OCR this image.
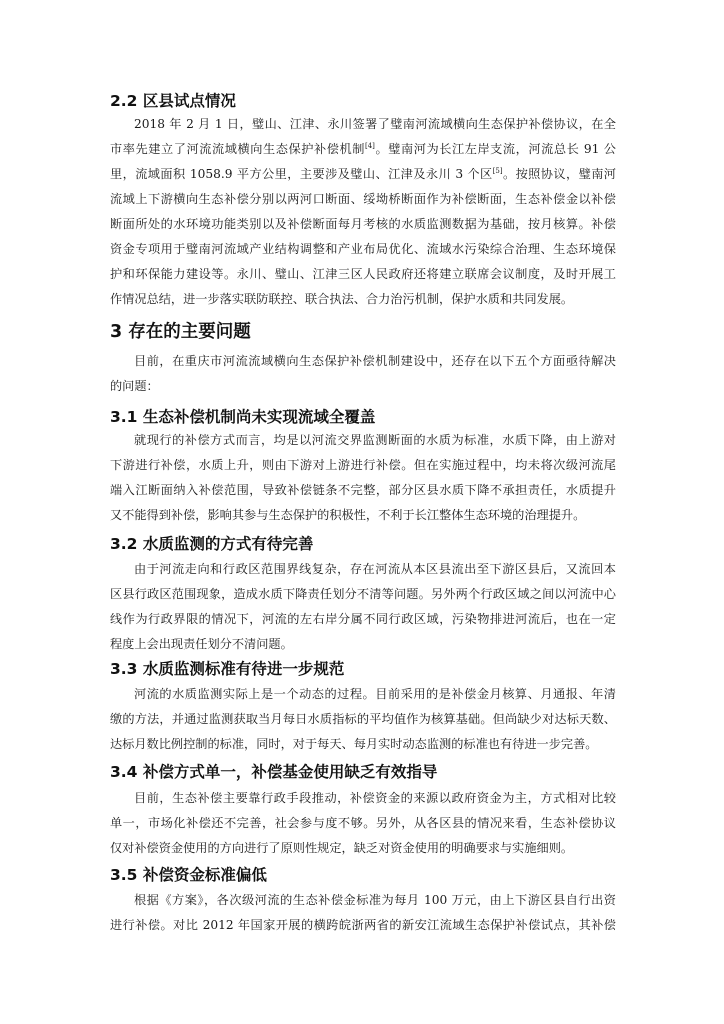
2.2 区县试点情况
2018 年 2 月 1 日，璧山、江津、永川签署了璧南河流域横向生态保护补偿协议，在全
市率先建立了河流流域横向生态保护补偿机制[4]。璧南河为长江左岸支流，河流总长 91 公
里，流域面积 1058.9 平方公里，主要涉及璧山、江津及永川 3 个区[5]。按照协议，璧南河
流域上下游横向生态补偿分别以两河口断面、绥坳桥断面作为补偿断面，生态补偿金以补偿
断面所处的水环境功能类别以及补偿断面每月考核的水质监测数据为基础，按月核算。补偿
资金专项用于璧南河流域产业结构调整和产业布局优化、流域水污染综合治理、生态环境保
护和环保能力建设等。永川、璧山、江津三区人民政府还将建立联席会议制度，及时开展工
作情况总结，进一步落实联防联控、联合执法、合力治污机制，保护水质和共同发展。
3 存在的主要问题
目前，在重庆市河流流域横向生态保护补偿机制建设中，还存在以下五个方面亟待解决
的问题：
3.1 生态补偿机制尚未实现流域全覆盖
就现行的补偿方式而言，均是以河流交界监测断面的水质为标准，水质下降，由上游对
下游进行补偿，水质上升，则由下游对上游进行补偿。但在实施过程中，均未将次级河流尾
端入江断面纳入补偿范围，导致补偿链条不完整，部分区县水质下降不承担责任，水质提升
又不能得到补偿，影响其参与生态保护的积极性，不利于长江整体生态环境的治理提升。
3.2 水质监测的方式有待完善
由于河流走向和行政区范围界线复杂，存在河流从本区县流出至下游区县后，又流回本
区县行政区范围现象，造成水质下降责任划分不清等问题。另外两个行政区域之间以河流中心
线作为行政界限的情况下，河流的左右岸分属不同行政区域，污染物排进河流后，也在一定
程度上会出现责任划分不清问题。
3.3 水质监测标准有待进一步规范
河流的水质监测实际上是一个动态的过程。目前采用的是补偿金月核算、月通报、年清
缴的方法，并通过监测获取当月每日水质指标的平均值作为核算基础。但尚缺少对达标天数、
达标月数比例控制的标准，同时，对于每天、每月实时动态监测的标准也有待进一步完善。
3.4 补偿方式单一，补偿基金使用缺乏有效指导
目前，生态补偿主要靠行政手段推动，补偿资金的来源以政府资金为主，方式相对比较
单一，市场化补偿还不完善，社会参与度不够。另外，从各区县的情况来看，生态补偿协议
仅对补偿资金使用的方向进行了原则性规定，缺乏对资金使用的明确要求与实施细则。
3.5 补偿资金标准偏低
根据《方案》，各次级河流的生态补偿金标准为每月 100 万元，由上下游区县自行出资
进行补偿。对比 2012 年国家开展的横跨皖浙两省的新安江流域生态保护补偿试点，其补偿
